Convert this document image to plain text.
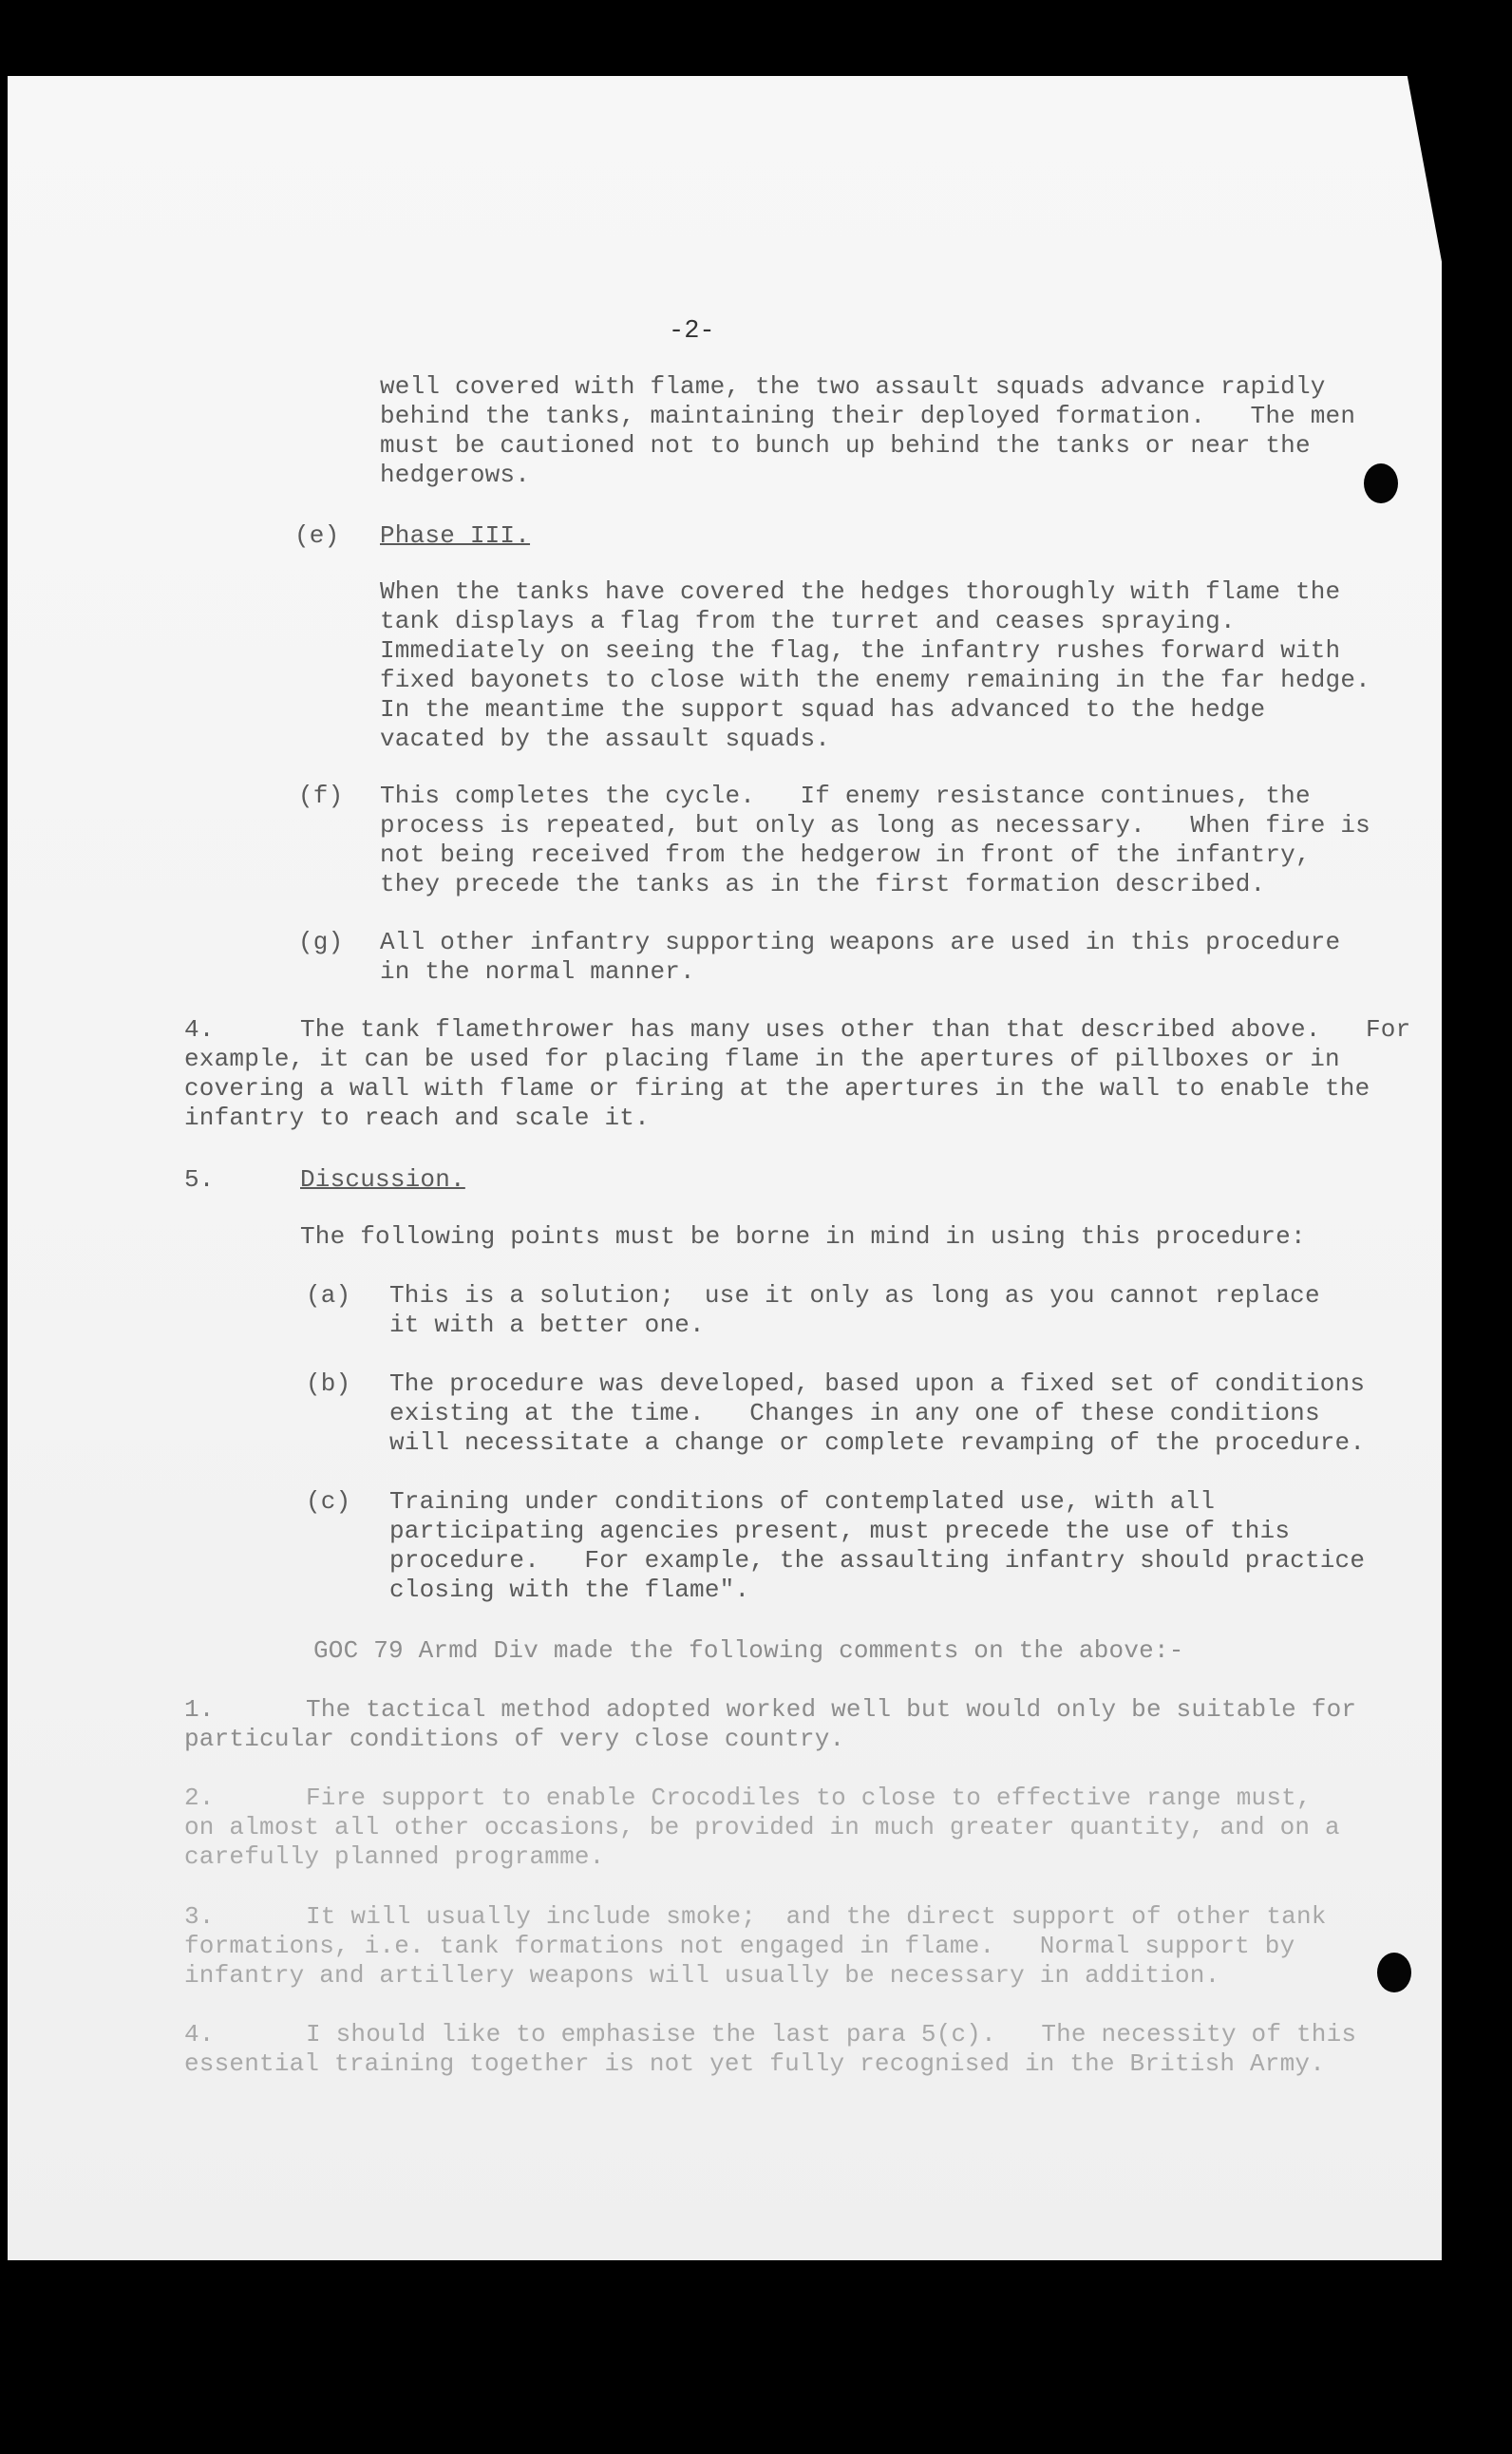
-2-
well covered with flame, the two assault squads advance rapidly
behind the tanks, maintaining their deployed formation.   The men
must be cautioned not to bunch up behind the tanks or near the
hedgerows.
(e) Phase III.
When the tanks have covered the hedges thoroughly with flame the
tank displays a flag from the turret and ceases spraying.
Immediately on seeing the flag, the infantry rushes forward with
fixed bayonets to close with the enemy remaining in the far hedge.
In the meantime the support squad has advanced to the hedge
vacated by the assault squads.
(f) This completes the cycle.   If enemy resistance continues, the
process is repeated, but only as long as necessary.   When fire is
not being received from the hedgerow in front of the infantry,
they precede the tanks as in the first formation described.
(g) All other infantry supporting weapons are used in this procedure
in the normal manner.
4.	The tank flamethrower has many uses other than that described above.   For
example, it can be used for placing flame in the apertures of pillboxes or in
covering a wall with flame or firing at the apertures in the wall to enable the
infantry to reach and scale it.
5.	Discussion.
The following points must be borne in mind in using this procedure:
(a) This is a solution;  use it only as long as you cannot replace
it with a better one.
(b) The procedure was developed, based upon a fixed set of conditions
existing at the time.   Changes in any one of these conditions
will necessitate a change or complete revamping of the procedure.
(c) Training under conditions of contemplated use, with all
participating agencies present, must precede the use of this
procedure.   For example, the assaulting infantry should practice
closing with the flame".
GOC 79 Armd Div made the following comments on the above:-
1.	The tactical method adopted worked well but would only be suitable for
particular conditions of very close country.
2.	Fire support to enable Crocodiles to close to effective range must,
on almost all other occasions, be provided in much greater quantity, and on a
carefully planned programme.
3.	It will usually include smoke;  and the direct support of other tank
formations, i.e. tank formations not engaged in flame.   Normal support by
infantry and artillery weapons will usually be necessary in addition.
4.	I should like to emphasise the last para 5(c).   The necessity of this
essential training together is not yet fully recognised in the British Army.
